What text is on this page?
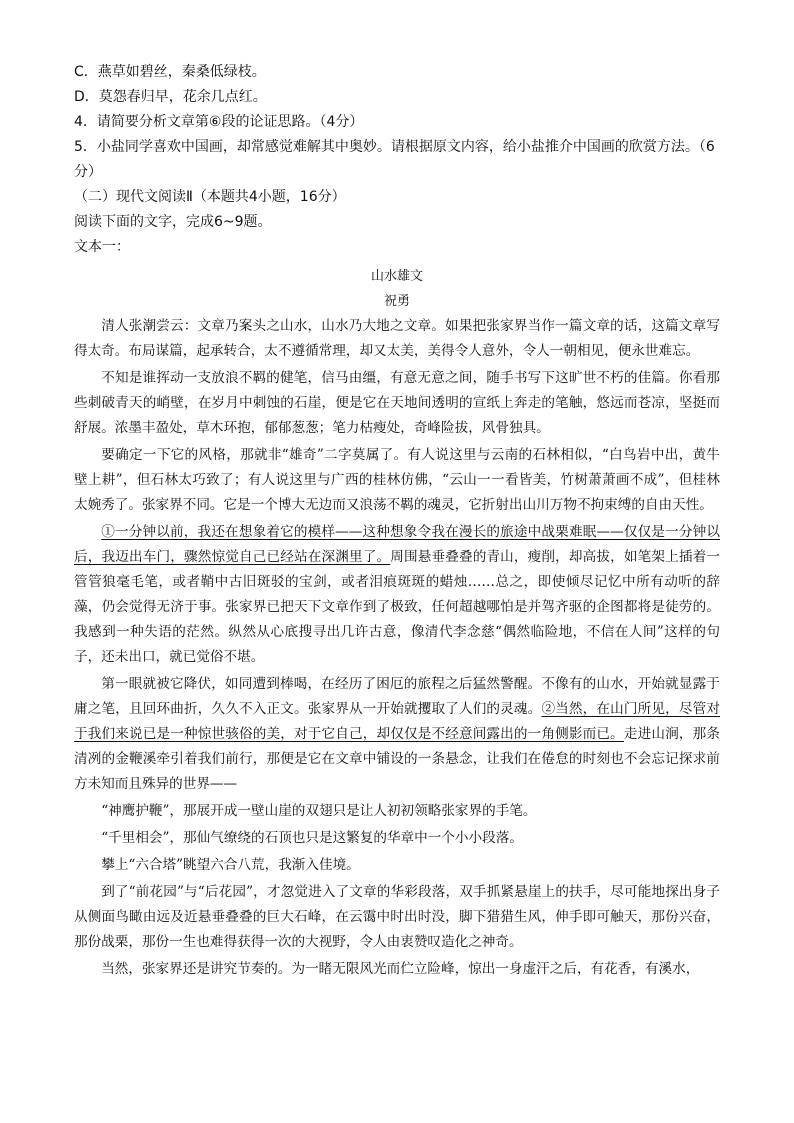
C．燕草如碧丝，秦桑低绿枝。

D．莫怨春归早，花余几点红。

4．请简要分析文章第⑥段的论证思路。（4分）

5．小盐同学喜欢中国画，却常感觉难解其中奥妙。请根据原文内容，给小盐推介中国画的欣赏方法。（6

分）

（二）现代文阅读Ⅱ（本题共4小题，16分）

阅读下面的文字，完成6~9题。

文本一：

山水雄文

祝勇

清人张潮尝云：文章乃案头之山水，山水乃大地之文章。如果把张家界当作一篇文章的话，这篇文章写得太奇。布局谋篇，起承转合，太不遵循常理，却又太美，美得令人意外，令人一朝相见，便永世难忘。

不知是谁挥动一支放浪不羁的健笔，信马由缰，有意无意之间，随手书写下这旷世不朽的佳篇。你看那些刺破青天的峭壁，在岁月中刺蚀的石崖，便是它在天地间透明的宣纸上奔走的笔触，悠远而苍凉，坚挺而舒展。浓墨丰盈处，草木环抱，郁郁葱葱；笔力枯瘦处，奇峰险拔，风骨独具。

要确定一下它的风格，那就非“雄奇”二字莫属了。有人说这里与云南的石林相似，“白鸟岩中出，黄牛壁上耕”，但石林太巧致了；有人说这里与广西的桂林仿佛，“云山一一看皆美，竹树萧萧画不成”，但桂林太婉秀了。张家界不同。它是一个博大无边而又浪荡不羁的魂灵，它折射出山川万物不拘束缚的自由天性。

①一分钟以前，我还在想象着它的模样——这种想象令我在漫长的旅途中战栗难眠——仅仅是一分钟以后，我迈出车门，骤然惊觉自己已经站在深渊里了。周围悬垂叠叠的青山，瘦削，却高拔，如笔架上插着一管管狼毫毛笔，或者鞘中古旧斑驳的宝剑，或者泪痕斑斑的蜡烛……总之，即使倾尽记忆中所有动听的辞藻，仍会觉得无济于事。张家界已把天下文章作到了极致，任何超越哪怕是并驾齐驱的企图都将是徒劳的。我感到一种失语的茫然。纵然从心底搜寻出几许古意，像清代李念慈“偶然临险地，不信在人间”这样的句子，还未出口，就已觉俗不堪。

第一眼就被它降伏，如同遭到棒喝，在经历了困厄的旅程之后猛然警醒。不像有的山水，开始就显露于庸之笔，且回环曲折，久久不入正文。张家界从一开始就攫取了人们的灵魂。②当然，在山门所见，尽管对于我们来说已是一种惊世骇俗的美，对于它自己，却仅仅是不经意间露出的一角侧影而已。走进山涧，那条清冽的金鞭溪牵引着我们前行，那便是它在文章中铺设的一条悬念，让我们在倦怠的时刻也不会忘记探求前方未知而且殊异的世界——

“神鹰护鞭”，那展开成一壁山崖的双翅只是让人初初领略张家界的手笔。

“千里相会”，那仙气缭绕的石顶也只是这繁复的华章中一个小小段落。

攀上“六合塔”眺望六合八荒，我渐入佳境。

到了“前花园”与“后花园”，才忽觉进入了文章的华彩段落，双手抓紧悬崖上的扶手，尽可能地探出身子从侧面鸟瞰由远及近悬垂叠叠的巨大石峰，在云霭中时出时没，脚下猎猎生风，伸手即可触天，那份兴奋，那份战栗，那份一生也难得获得一次的大视野，令人由衷赞叹造化之神奇。

当然，张家界还是讲究节奏的。为一睹无限风光而伫立险峰，惊出一身虚汗之后，有花香，有溪水，
